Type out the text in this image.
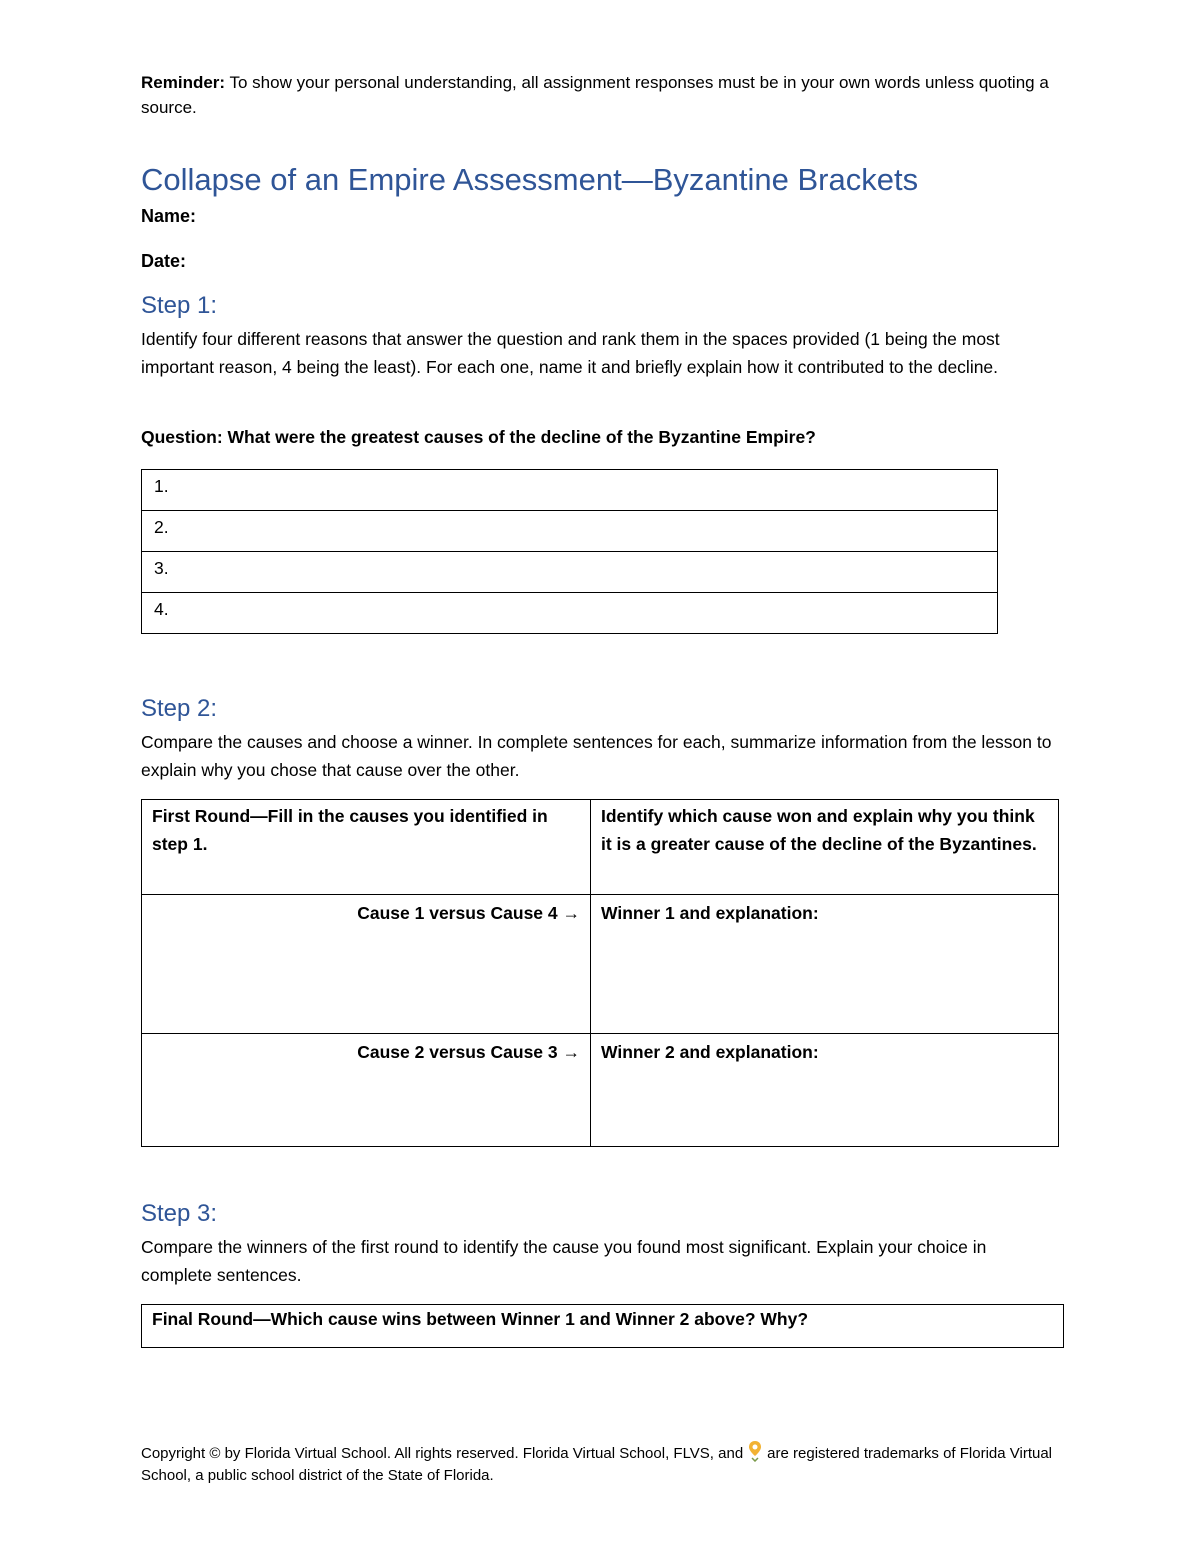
Reminder: To show your personal understanding, all assignment responses must be in your own words unless quoting a source.
Collapse of an Empire Assessment—Byzantine Brackets
Name:
Date:
Step 1:
Identify four different reasons that answer the question and rank them in the spaces provided (1 being the most important reason, 4 being the least). For each one, name it and briefly explain how it contributed to the decline.
Question: What were the greatest causes of the decline of the Byzantine Empire?
1.
2.
3.
4.
Step 2:
Compare the causes and choose a winner. In complete sentences for each, summarize information from the lesson to explain why you chose that cause over the other.
First Round—Fill in the causes you identified in step 1.	Identify which cause won and explain why you think it is a greater cause of the decline of the Byzantines.
Cause 1 versus Cause 4 →	Winner 1 and explanation:
Cause 2 versus Cause 3 →	Winner 2 and explanation:
Step 3:
Compare the winners of the first round to identify the cause you found most significant. Explain your choice in complete sentences.
Final Round—Which cause wins between Winner 1 and Winner 2 above? Why?
Copyright © by Florida Virtual School. All rights reserved. Florida Virtual School, FLVS, and are registered trademarks of Florida Virtual School, a public school district of the State of Florida.
